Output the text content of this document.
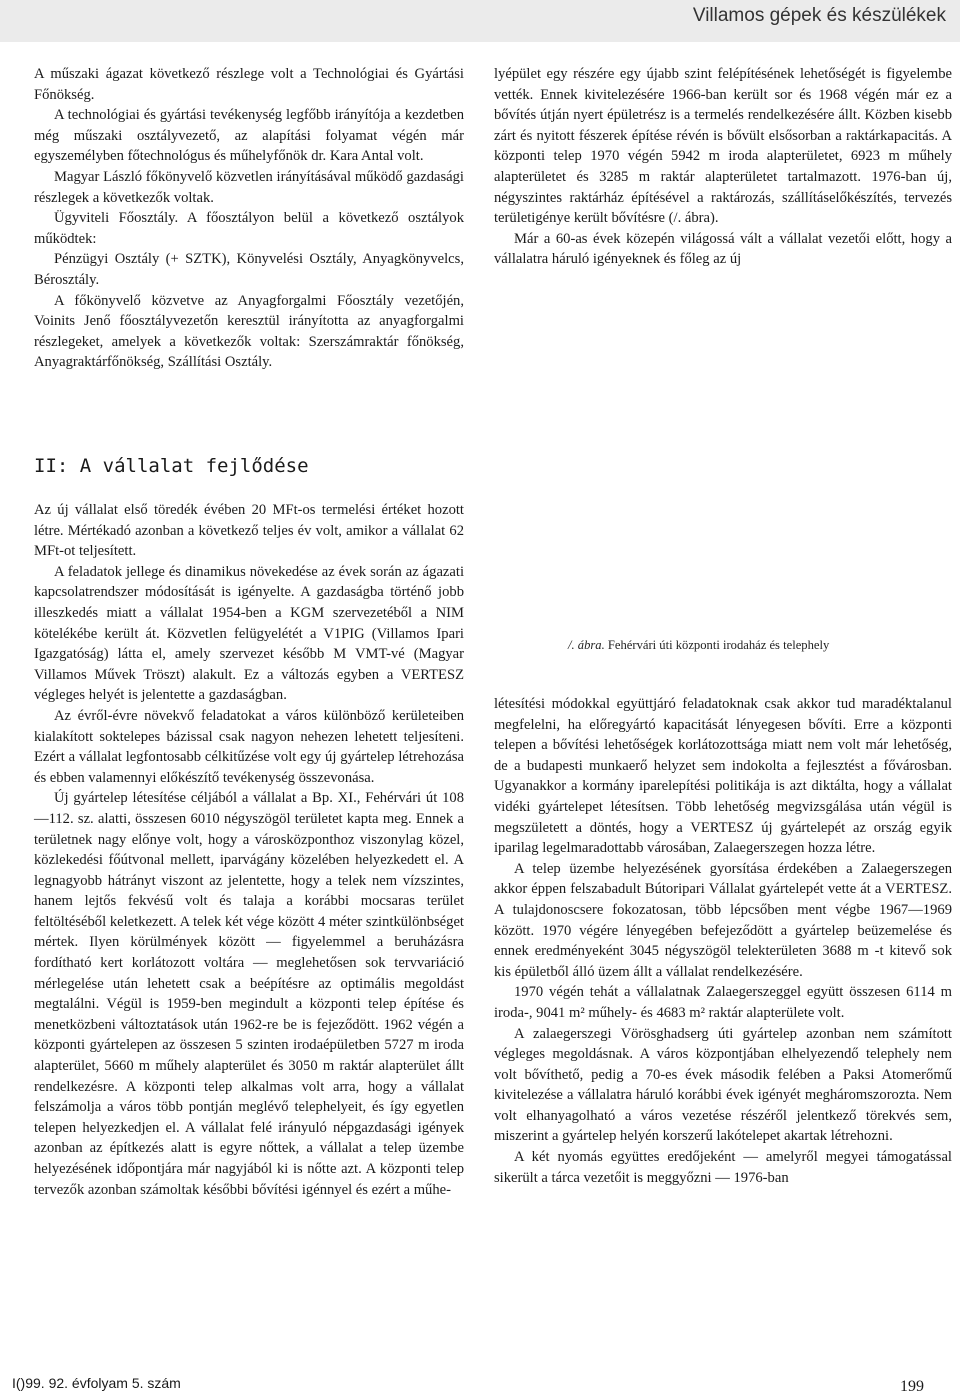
Villamos gépek és készülékek

A műszaki ágazat következő részlege volt a Technológiai és Gyártási Főnökség.

A technológiai és gyártási tevékenység legfőbb irányítója a kezdetben még műszaki osztályvezető, az alapítási folyamat végén már egyszemélyben főtechnológus és műhelyfőnök dr. Kara Antal volt.

Magyar László főkönyvelő közvetlen irányításával működő gazdasági részlegek a következők voltak.

Ügyviteli Főosztály. A főosztályon belül a következő osztályok működtek:

Pénzügyi Osztály (+ SZTK), Könyvelési Osztály, Anyagkönyvelcs, Bérosztály.

A főkönyvelő közvetve az Anyagforgalmi Főosztály vezetőjén, Voinits Jenő főosztályvezetőn keresztül irányította az anyagforgalmi részlegeket, amelyek a következők voltak: Szerszámraktár főnökség, Anyagraktárfőnökség, Szállítási Osztály.

II: A vállalat fejlődése

Az új vállalat első töredék évében 20 MFt-os termelési értéket hozott létre. Mértékadó azonban a következő teljes év volt, amikor a vállalat 62 MFt-ot teljesített.

A feladatok jellege és dinamikus növekedése az évek során az ágazati kapcsolatrendszer módosítását is igényelte. A gazdaságba történő jobb illeszkedés miatt a vállalat 1954-ben a KGM szervezetéből a NIM kötelékébe került át. Közvetlen felügyelétét a V1PIG (Villamos Ipari Igazgatóság) látta el, amely szervezet később M VMT-vé (Magyar Villamos Művek Tröszt) alakult. Ez a változás egyben a VERTESZ végleges helyét is jelentette a gazdaságban.

Az évről-évre növekvő feladatokat a város különböző kerületeiben kialakított soktelepes bázissal csak nagyon nehezen lehetett teljesíteni. Ezért a vállalat legfontosabb célkitűzése volt egy új gyártelep létrehozása és ebben valamennyi előkészítő tevékenység összevonása.

Új gyártelep létesítése céljából a vállalat a Bp. XI., Fehérvári út 108—112. sz. alatti, összesen 6010 négyszögöl területet kapta meg. Ennek a területnek nagy előnye volt, hogy a városközponthoz viszonylag közel, közlekedési főútvonal mellett, iparvágány közelében helyezkedett el. A legnagyobb hátrányt viszont az jelentette, hogy a telek nem vízszintes, hanem lejtős fekvésű volt és talaja a korábbi mocsaras terület feltöltéséből keletkezett. A telek két vége között 4 méter szintkülönbséget mértek. Ilyen körülmények között — figyelemmel a beruházásra fordítható kert korlátozott voltára — meglehetősen sok tervvariáció mérlegelése után lehetett csak a beépítésre az optimális megoldást megtalálni. Végül is 1959-ben megindult a központi telep építése és menetközbeni változtatások után 1962-re be is fejeződött. 1962 végén a központi gyártelepen az összesen 5 szinten irodaépületben 5727 m iroda alapterület, 5660 m műhely alapterület és 3050 m raktár alapterület állt rendelkezésre. A központi telep alkalmas volt arra, hogy a vállalat felszámolja a város több pontján meglévő telephelyeit, és így egyetlen telepen helyezkedjen el. A vállalat felé irányuló népgazdasági igények azonban az építkezés alatt is egyre nőttek, a vállalat a telep üzembe helyezésének időpontjára már nagyjából ki is nőtte azt. A központi telep tervezők azonban számoltak későbbi bővítési igénnyel és ezért a műhe-

lyépület egy részére egy újabb szint felépítésének lehetőségét is figyelembe vették. Ennek kivitelezésére 1966-ban került sor és 1968 végén már ez a bővítés útján nyert épületrész is a termelés rendelkezésére állt. Közben kisebb zárt és nyitott fészerek építése révén is bővült elsősorban a raktárkapacitás. A központi telep 1970 végén 5942 m iroda alapterületet, 6923 m műhely alapterületet és 3285 m raktár alapterületet tartalmazott. 1976-ban új, négyszintes raktárház építésével a raktározás, szállításelőkészítés, tervezés területigénye került bővítésre (/. ábra).

Már a 60-as évek közepén világossá vált a vállalat vezetői előtt, hogy a vállalatra háruló igényeknek és főleg az új

/. ábra. Fehérvári úti központi irodaház és telephely

létesítési módokkal együttjáró feladatoknak csak akkor tud maradéktalanul megfelelni, ha előregyártó kapacitását lényegesen bővíti. Erre a központi telepen a bővítési lehetőségek korlátozottsága miatt nem volt már lehetőség, de a budapesti munkaerő helyzet sem indokolta a fejlesztést a fővárosban. Ugyanakkor a kormány iparelepítési politikája is azt diktálta, hogy a vállalat vidéki gyártelepet létesítsen. Több lehetőség megvizsgálása után végül is megszületett a döntés, hogy a VERTESZ új gyártelepét az ország egyik iparilag legelmaradottabb városában, Zalaegerszegen hozza létre.

A telep üzembe helyezésének gyorsítása érdekében a Zalaegerszegen akkor éppen felszabadult Bútoripari Vállalat gyártelepét vette át a VERTESZ. A tulajdonoscsere fokozatosan, több lépcsőben ment végbe 1967—1969 között. 1970 végére lényegében befejeződött a gyártelep beüzemelése és ennek eredményeként 3045 négyszögöl telekterületen 3688 m -t kitevő sok kis épületből álló üzem állt a vállalat rendelkezésére.

1970 végén tehát a vállalatnak Zalaegerszeggel együtt összesen 6114 m iroda-, 9041 m² műhely- és 4683 m² raktár alapterülete volt.

A zalaegerszegi Vörösghadserg úti gyártelep azonban nem számított végleges megoldásnak. A város központjában elhelyezendő telephely nem volt bővíthető, pedig a 70-es évek második felében a Paksi Atomerőmű kivitelezése a vállalatra háruló korábbi évek igényét megháromszorozta. Nem volt elhanyagolható a város vezetése részéről jelentkező törekvés sem, miszerint a gyártelep helyén korszerű lakótelepet akartak létrehozni.

A két nyomás együttes eredőjeként — amelyről megyei támogatással sikerült a tárca vezetőit is meggyőzni — 1976-ban

I()99. 92. évfolyam 5. szám	199
